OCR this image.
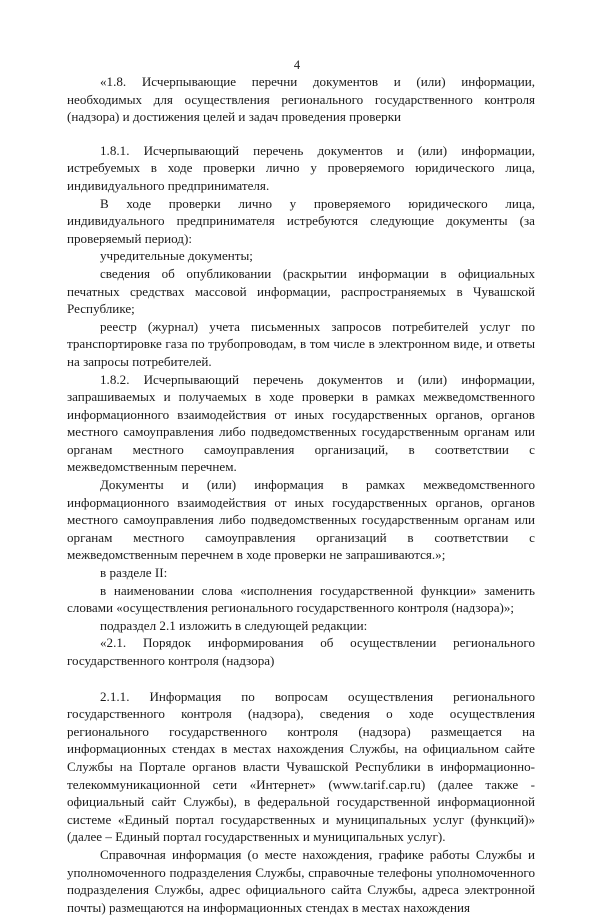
4

«1.8. Исчерпывающие перечни документов и (или) информации, необходимых для осуществления регионального государственного контроля (надзора) и достижения целей и задач проведения проверки

1.8.1. Исчерпывающий перечень документов и (или) информации, истребуемых в ходе проверки лично у проверяемого юридического лица, индивидуального предпринимателя.

В ходе проверки лично у проверяемого юридического лица, индивидуального предпринимателя истребуются следующие документы (за проверяемый период):

учредительные документы;

сведения об опубликовании (раскрытии информации в официальных печатных средствах массовой информации, распространяемых в Чувашской Республике;

реестр (журнал) учета письменных запросов потребителей услуг по транспортировке газа по трубопроводам, в том числе в электронном виде, и ответы на запросы потребителей.

1.8.2. Исчерпывающий перечень документов и (или) информации, запрашиваемых и получаемых в ходе проверки в рамках межведомственного информационного взаимодействия от иных государственных органов, органов местного самоуправления либо подведомственных государственным органам или органам местного самоуправления организаций, в соответствии с межведомственным перечнем.

Документы и (или) информация в рамках межведомственного информационного взаимодействия от иных государственных органов, органов местного самоуправления либо подведомственных государственным органам или органам местного самоуправления организаций в соответствии с межведомственным перечнем в ходе проверки не запрашиваются.»;

в разделе II:

в наименовании слова «исполнения государственной функции» заменить словами «осуществления регионального государственного контроля (надзора)»;

подраздел 2.1 изложить в следующей редакции:

«2.1. Порядок информирования об осуществлении регионального государственного контроля (надзора)

2.1.1. Информация по вопросам осуществления регионального государственного контроля (надзора), сведения о ходе осуществления регионального государственного контроля (надзора) размещается на информационных стендах в местах нахождения Службы, на официальном сайте Службы на Портале органов власти Чувашской Республики в информационно-телекоммуникационной сети «Интернет» (www.tarif.cap.ru) (далее также - официальный сайт Службы), в федеральной государственной информационной системе «Единый портал государственных и муниципальных услуг (функций)» (далее – Единый портал государственных и муниципальных услуг).

Справочная информация (о месте нахождения, графике работы Службы и уполномоченного подразделения Службы, справочные телефоны уполномоченного подразделения Службы, адрес официального сайта Службы, адреса электронной почты) размещаются на информационных стендах в местах нахождения
